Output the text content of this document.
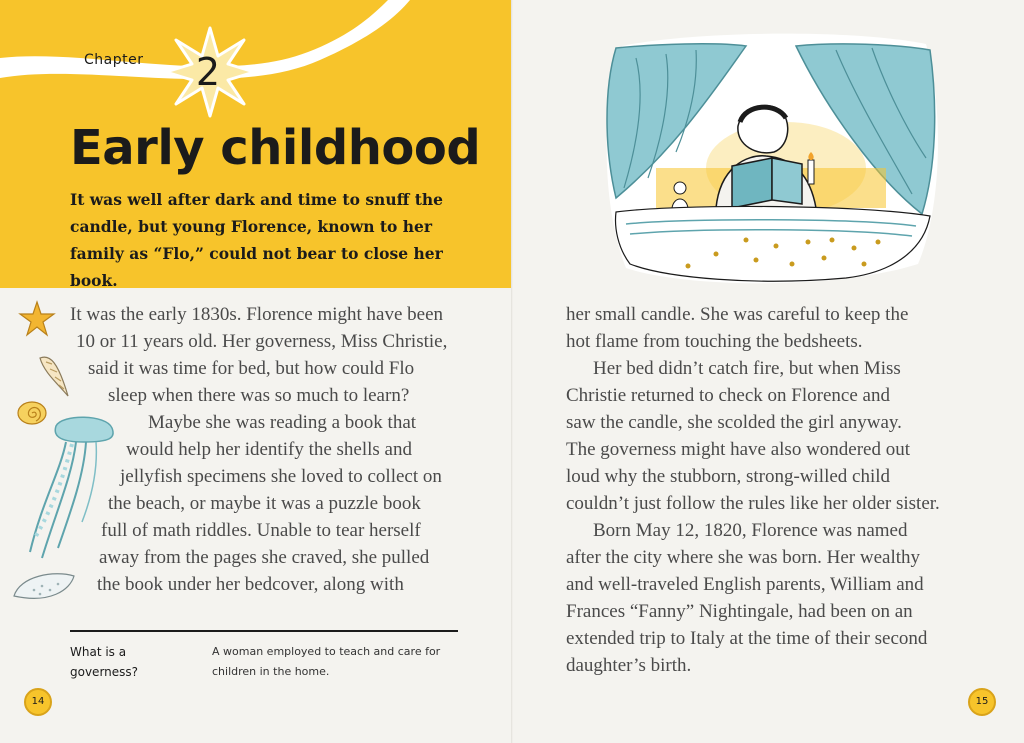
Chapter 2
Early childhood

It was well after dark and time to snuff the candle, but young Florence, known to her family as “Flo,” could not bear to close her book.

It was the early 1830s. Florence might have been
10 or 11 years old. Her governess, Miss Christie,
said it was time for bed, but how could Flo
sleep when there was so much to learn?
Maybe she was reading a book that
would help her identify the shells and
jellyfish specimens she loved to collect on
the beach, or maybe it was a puzzle book
full of math riddles. Unable to tear herself
away from the pages she craved, she pulled
the book under her bedcover, along with
What is a governess?
A woman employed to teach and care for children in the home.
14
her small candle. She was careful to keep the
hot flame from touching the bedsheets.
Her bed didn’t catch fire, but when Miss
Christie returned to check on Florence and
saw the candle, she scolded the girl anyway.
The governess might have also wondered out
loud why the stubborn, strong-willed child
couldn’t just follow the rules like her older sister.
Born May 12, 1820, Florence was named
after the city where she was born. Her wealthy
and well-traveled English parents, William and
Frances “Fanny” Nightingale, had been on an
extended trip to Italy at the time of their second
daughter’s birth.
15
